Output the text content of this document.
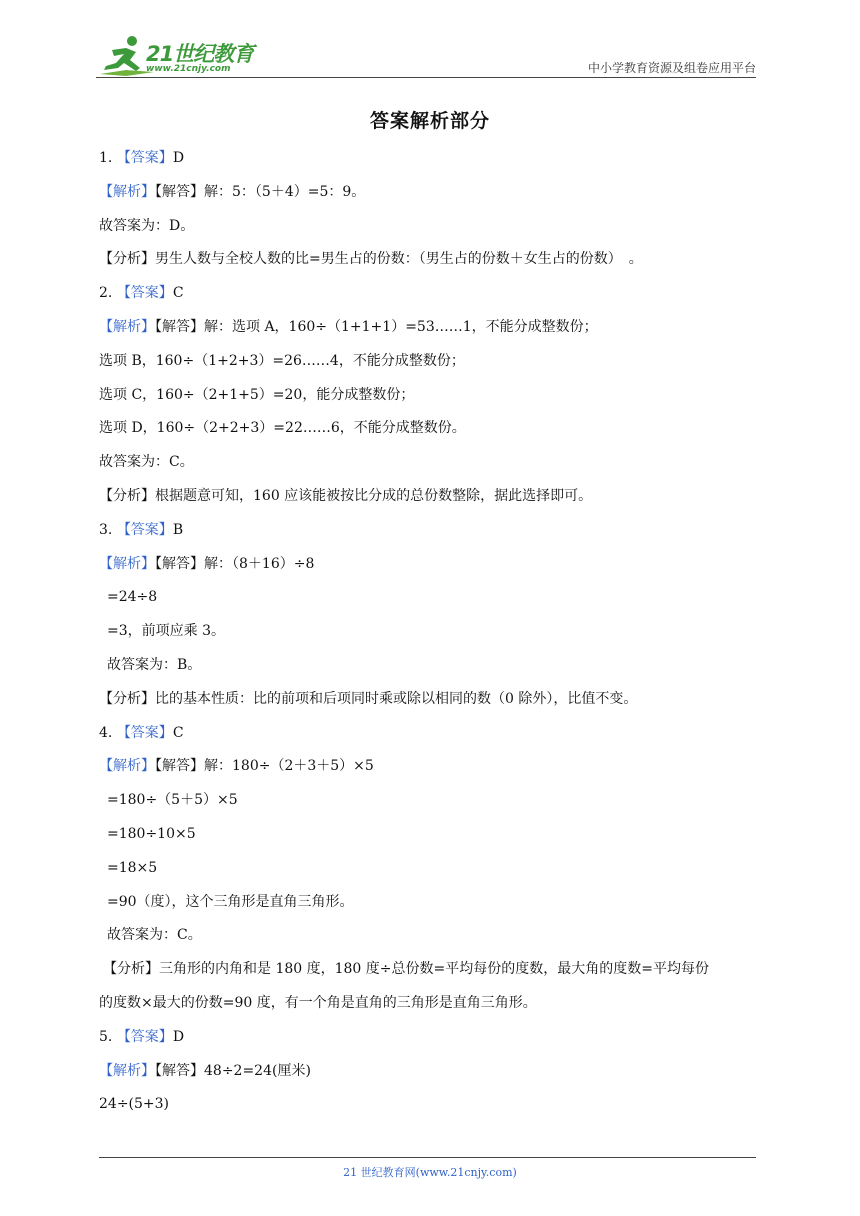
21世纪教育
www.21cnjy.com	中小学教育资源及组卷应用平台
答案解析部分
1. 【答案】D
【解析】【解答】解：5：（5＋4）=5：9。
故答案为：D。
【分析】男生人数与全校人数的比=男生占的份数：（男生占的份数＋女生占的份数）　。
2. 【答案】C
【解析】【解答】解：选项 A，160÷（1+1+1）=53……1，不能分成整数份；
选项 B，160÷（1+2+3）=26……4，不能分成整数份；
选项 C，160÷（2+1+5）=20，能分成整数份；
选项 D，160÷（2+2+3）=22……6，不能分成整数份。
故答案为：C。
【分析】根据题意可知，160 应该能被按比分成的总份数整除，据此选择即可。
3. 【答案】B
【解析】【解答】解：（8＋16）÷8
=24÷8
=3，前项应乘 3。
故答案为：B。
【分析】比的基本性质：比的前项和后项同时乘或除以相同的数（0 除外），比值不变。
4. 【答案】C
【解析】【解答】解：180÷（2＋3＋5）×5
=180÷（5＋5）×5
=180÷10×5
=18×5
=90（度），这个三角形是直角三角形。
故答案为：C。
【分析】三角形的内角和是 180 度，180 度÷总份数=平均每份的度数，最大角的度数=平均每份
的度数×最大的份数=90 度，有一个角是直角的三角形是直角三角形。
5. 【答案】D
【解析】【解答】48÷2=24(厘米)
24÷(5+3)
21 世纪教育网(www.21cnjy.com)
